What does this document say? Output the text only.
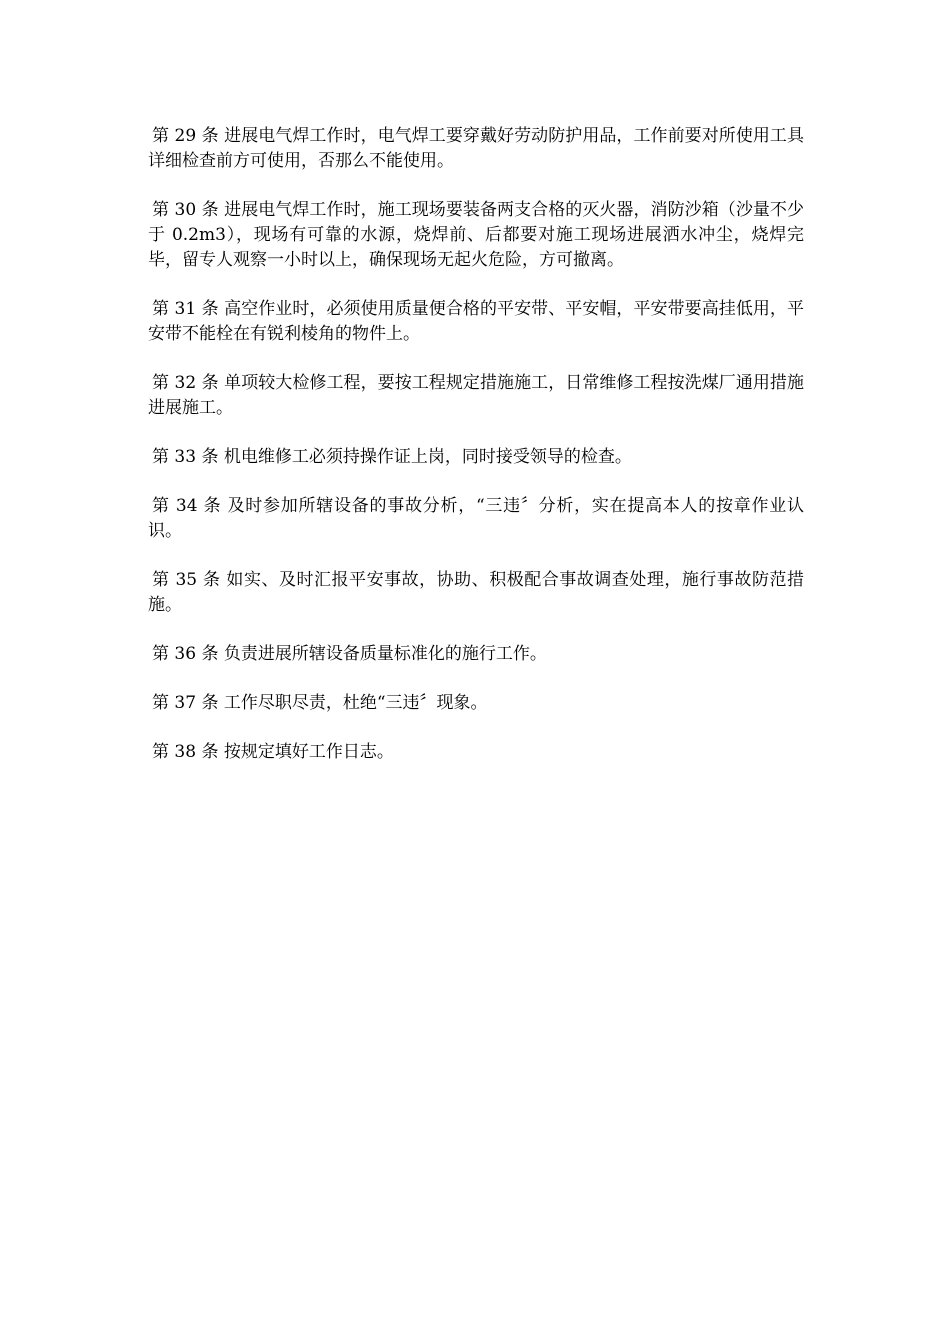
第 29 条 进展电气焊工作时，电气焊工要穿戴好劳动防护用品，工作前要对所使用工具详细检查前方可使用，否那么不能使用。

第 30 条 进展电气焊工作时，施工现场要装备两支合格的灭火器，消防沙箱（沙量不少于 0.2m3），现场有可靠的水源，烧焊前、后都要对施工现场进展洒水冲尘，烧焊完毕，留专人观察一小时以上，确保现场无起火危险，方可撤离。

第 31 条 高空作业时，必须使用质量便合格的平安带、平安帽，平安带要高挂低用，平安带不能栓在有锐利棱角的物件上。

第 32 条 单项较大检修工程，要按工程规定措施施工，日常维修工程按洗煤厂通用措施进展施工。

第 33 条 机电维修工必须持操作证上岗，同时接受领导的检查。

第 34 条 及时参加所辖设备的事故分析，“三违〞分析，实在提高本人的按章作业认识。

第 35 条 如实、及时汇报平安事故，协助、积极配合事故调查处理，施行事故防范措施。

第 36 条 负责进展所辖设备质量标准化的施行工作。

第 37 条 工作尽职尽责，杜绝“三违〞现象。

第 38 条 按规定填好工作日志。
